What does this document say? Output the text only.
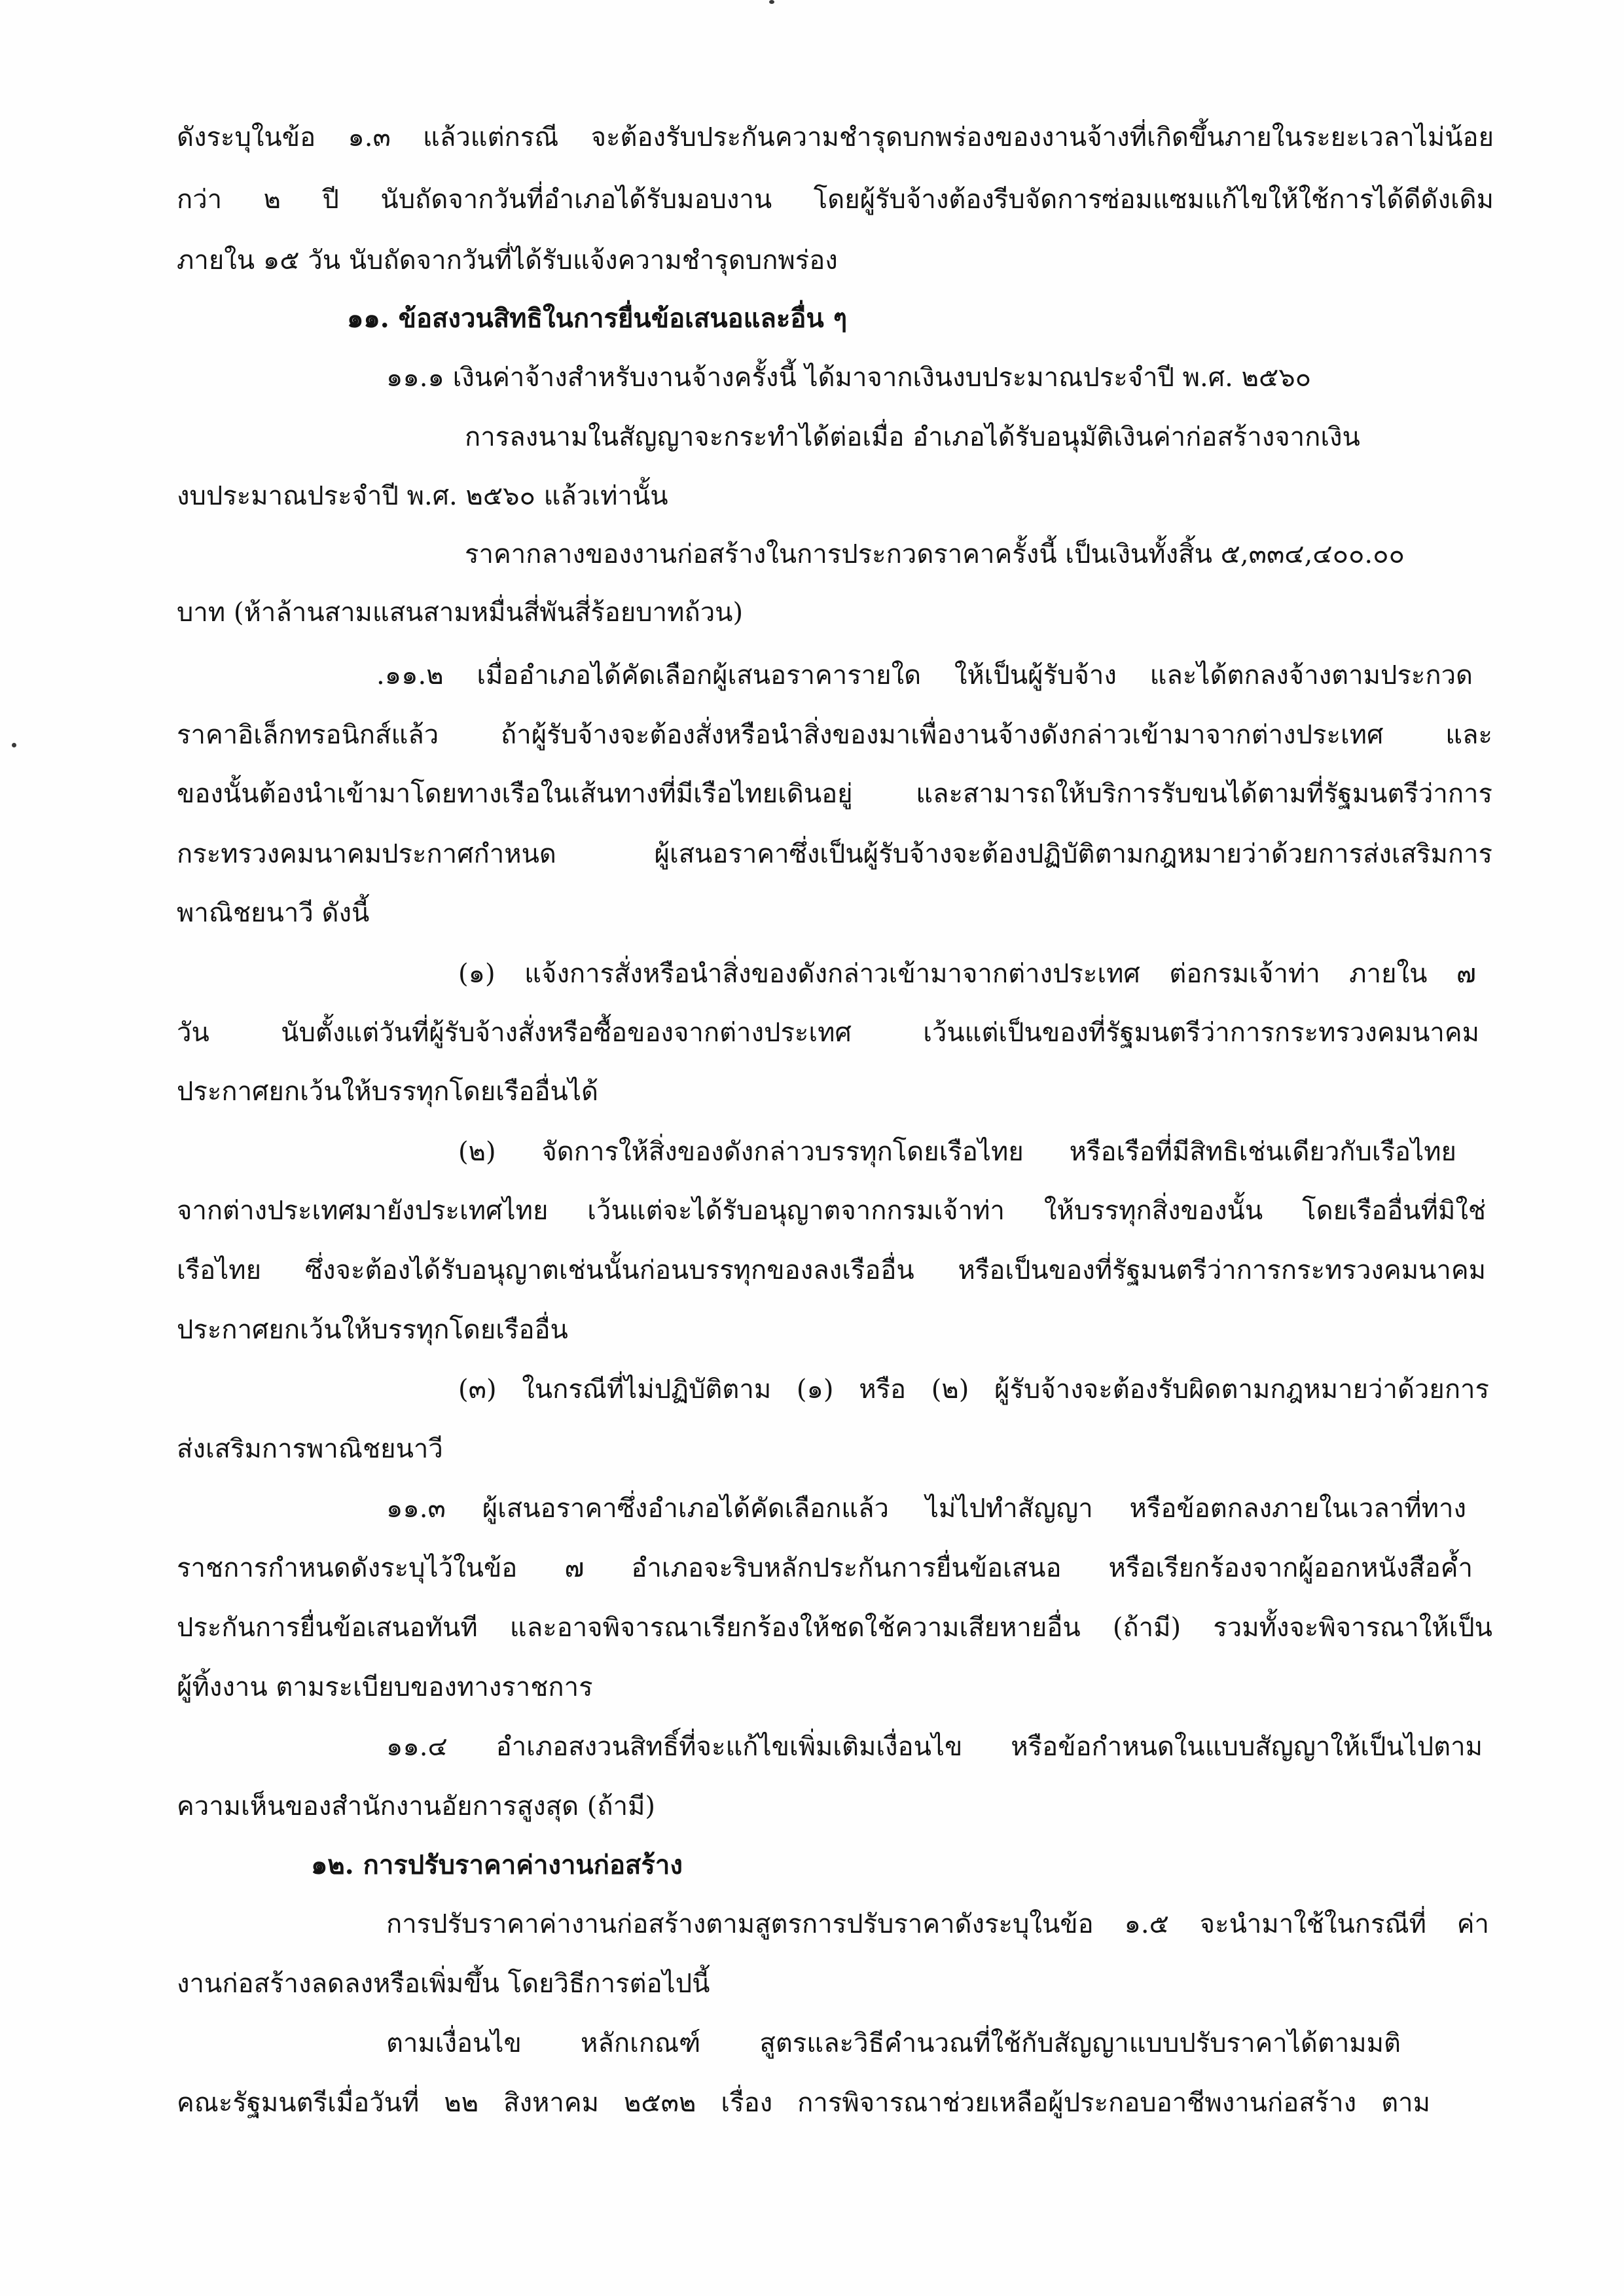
ดังระบุในข้อ ๑.๓ แล้วแต่กรณี จะต้องรับประกันความชำรุดบกพร่องของงานจ้างที่เกิดขึ้นภายในระยะเวลาไม่น้อย

กว่า ๒ ปี นับถัดจากวันที่อำเภอได้รับมอบงาน โดยผู้รับจ้างต้องรีบจัดการซ่อมแซมแก้ไขให้ใช้การได้ดีดังเดิม

ภายใน ๑๕ วัน นับถัดจากวันที่ได้รับแจ้งความชำรุดบกพร่อง

๑๑. ข้อสงวนสิทธิในการยื่นข้อเสนอและอื่น ๆ

๑๑.๑ เงินค่าจ้างสำหรับงานจ้างครั้งนี้ ได้มาจากเงินงบประมาณประจำปี พ.ศ. ๒๕๖๐

การลงนามในสัญญาจะกระทำได้ต่อเมื่อ อำเภอได้รับอนุมัติเงินค่าก่อสร้างจากเงิน

งบประมาณประจำปี พ.ศ. ๒๕๖๐ แล้วเท่านั้น

ราคากลางของงานก่อสร้างในการประกวดราคาครั้งนี้ เป็นเงินทั้งสิ้น ๕,๓๓๔,๔๐๐.๐๐

บาท (ห้าล้านสามแสนสามหมื่นสี่พันสี่ร้อยบาทถ้วน)

.๑๑.๒ เมื่ออำเภอได้คัดเลือกผู้เสนอราคารายใด ให้เป็นผู้รับจ้าง และได้ตกลงจ้างตามประกวด

ราคาอิเล็กทรอนิกส์แล้ว ถ้าผู้รับจ้างจะต้องสั่งหรือนำสิ่งของมาเพื่องานจ้างดังกล่าวเข้ามาจากต่างประเทศ และ

ของนั้นต้องนำเข้ามาโดยทางเรือในเส้นทางที่มีเรือไทยเดินอยู่ และสามารถให้บริการรับขนได้ตามที่รัฐมนตรีว่าการ

กระทรวงคมนาคมประกาศกำหนด ผู้เสนอราคาซึ่งเป็นผู้รับจ้างจะต้องปฏิบัติตามกฎหมายว่าด้วยการส่งเสริมการ

พาณิชยนาวี ดังนี้

(๑) แจ้งการสั่งหรือนำสิ่งของดังกล่าวเข้ามาจากต่างประเทศ ต่อกรมเจ้าท่า ภายใน ๗

วัน นับตั้งแต่วันที่ผู้รับจ้างสั่งหรือซื้อของจากต่างประเทศ เว้นแต่เป็นของที่รัฐมนตรีว่าการกระทรวงคมนาคม

ประกาศยกเว้นให้บรรทุกโดยเรืออื่นได้

(๒) จัดการให้สิ่งของดังกล่าวบรรทุกโดยเรือไทย หรือเรือที่มีสิทธิเช่นเดียวกับเรือไทย

จากต่างประเทศมายังประเทศไทย เว้นแต่จะได้รับอนุญาตจากกรมเจ้าท่า ให้บรรทุกสิ่งของนั้น โดยเรืออื่นที่มิใช่

เรือไทย ซึ่งจะต้องได้รับอนุญาตเช่นนั้นก่อนบรรทุกของลงเรืออื่น หรือเป็นของที่รัฐมนตรีว่าการกระทรวงคมนาคม

ประกาศยกเว้นให้บรรทุกโดยเรืออื่น

(๓) ในกรณีที่ไม่ปฏิบัติตาม (๑) หรือ (๒) ผู้รับจ้างจะต้องรับผิดตามกฎหมายว่าด้วยการ

ส่งเสริมการพาณิชยนาวี

๑๑.๓ ผู้เสนอราคาซึ่งอำเภอได้คัดเลือกแล้ว ไม่ไปทำสัญญา หรือข้อตกลงภายในเวลาที่ทาง

ราชการกำหนดดังระบุไว้ในข้อ ๗ อำเภอจะริบหลักประกันการยื่นข้อเสนอ หรือเรียกร้องจากผู้ออกหนังสือค้ำ

ประกันการยื่นข้อเสนอทันที และอาจพิจารณาเรียกร้องให้ชดใช้ความเสียหายอื่น (ถ้ามี) รวมทั้งจะพิจารณาให้เป็น

ผู้ทิ้งงาน ตามระเบียบของทางราชการ

๑๑.๔ อำเภอสงวนสิทธิ์ที่จะแก้ไขเพิ่มเติมเงื่อนไข หรือข้อกำหนดในแบบสัญญาให้เป็นไปตาม

ความเห็นของสำนักงานอัยการสูงสุด (ถ้ามี)

๑๒. การปรับราคาค่างานก่อสร้าง

การปรับราคาค่างานก่อสร้างตามสูตรการปรับราคาดังระบุในข้อ ๑.๕ จะนำมาใช้ในกรณีที่ ค่า

งานก่อสร้างลดลงหรือเพิ่มขึ้น โดยวิธีการต่อไปนี้

ตามเงื่อนไข หลักเกณฑ์ สูตรและวิธีคำนวณที่ใช้กับสัญญาแบบปรับราคาได้ตามมติ

คณะรัฐมนตรีเมื่อวันที่ ๒๒ สิงหาคม ๒๕๓๒ เรื่อง การพิจารณาช่วยเหลือผู้ประกอบอาชีพงานก่อสร้าง ตาม
